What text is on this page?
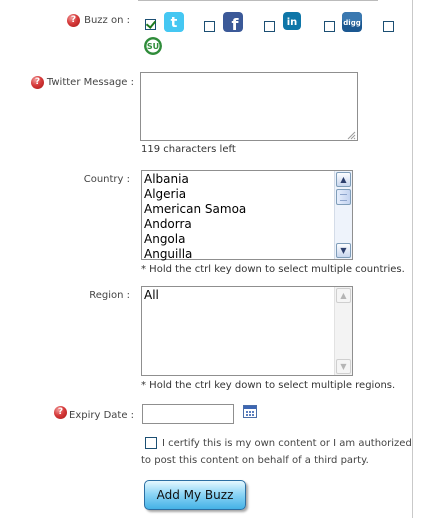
? Buzz on :	t	f	in	digg
SU
? Twitter Message :
119 characters left
Country : Albania
Algeria
American Samoa
Andorra
Angola
Anguilla
▲
▼
* Hold the ctrl key down to select multiple countries.
Region : All	▲
▼
* Hold the ctrl key down to select multiple regions.
? Expiry Date :
I certify this is my own content or I am authorized
to post this content on behalf of a third party.
Add My Buzz
